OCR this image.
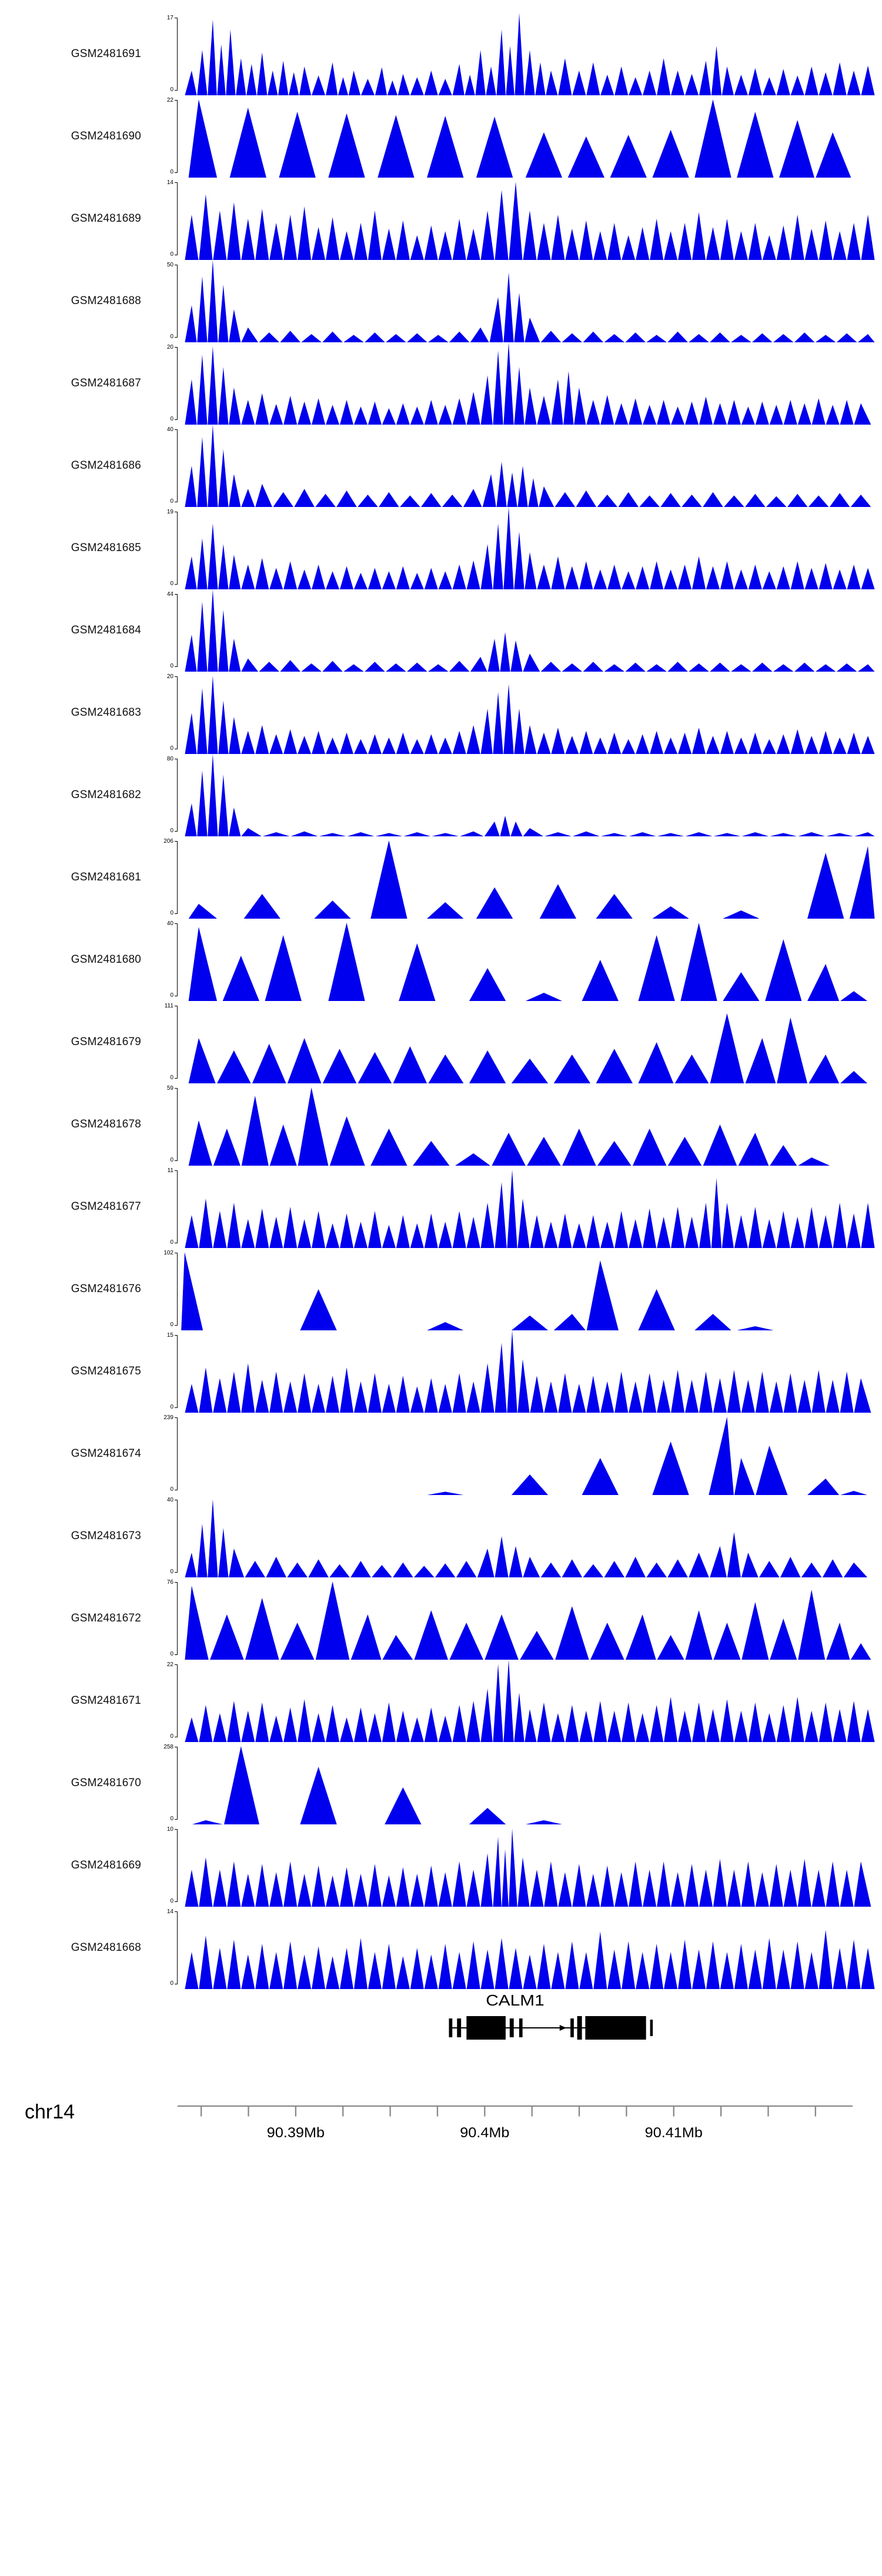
GSM2481691
17
0
GSM2481690
22
0
GSM2481689
14
0
GSM2481688
50
0
GSM2481687
20
0
GSM2481686
40
0
GSM2481685
19
0
GSM2481684
44
0
GSM2481683
20
0
GSM2481682
80
0
GSM2481681
206
0
GSM2481680
40
0
GSM2481679
111
0
GSM2481678
59
0
GSM2481677
11
0
GSM2481676
102
0
GSM2481675
15
0
GSM2481674
239
0
GSM2481673
40
0
GSM2481672
76
0
GSM2481671
22
0
GSM2481670
258
0
GSM2481669
10
0
GSM2481668
14
0
CALM1
chr14
90.39Mb	90.4Mb	90.41Mb
